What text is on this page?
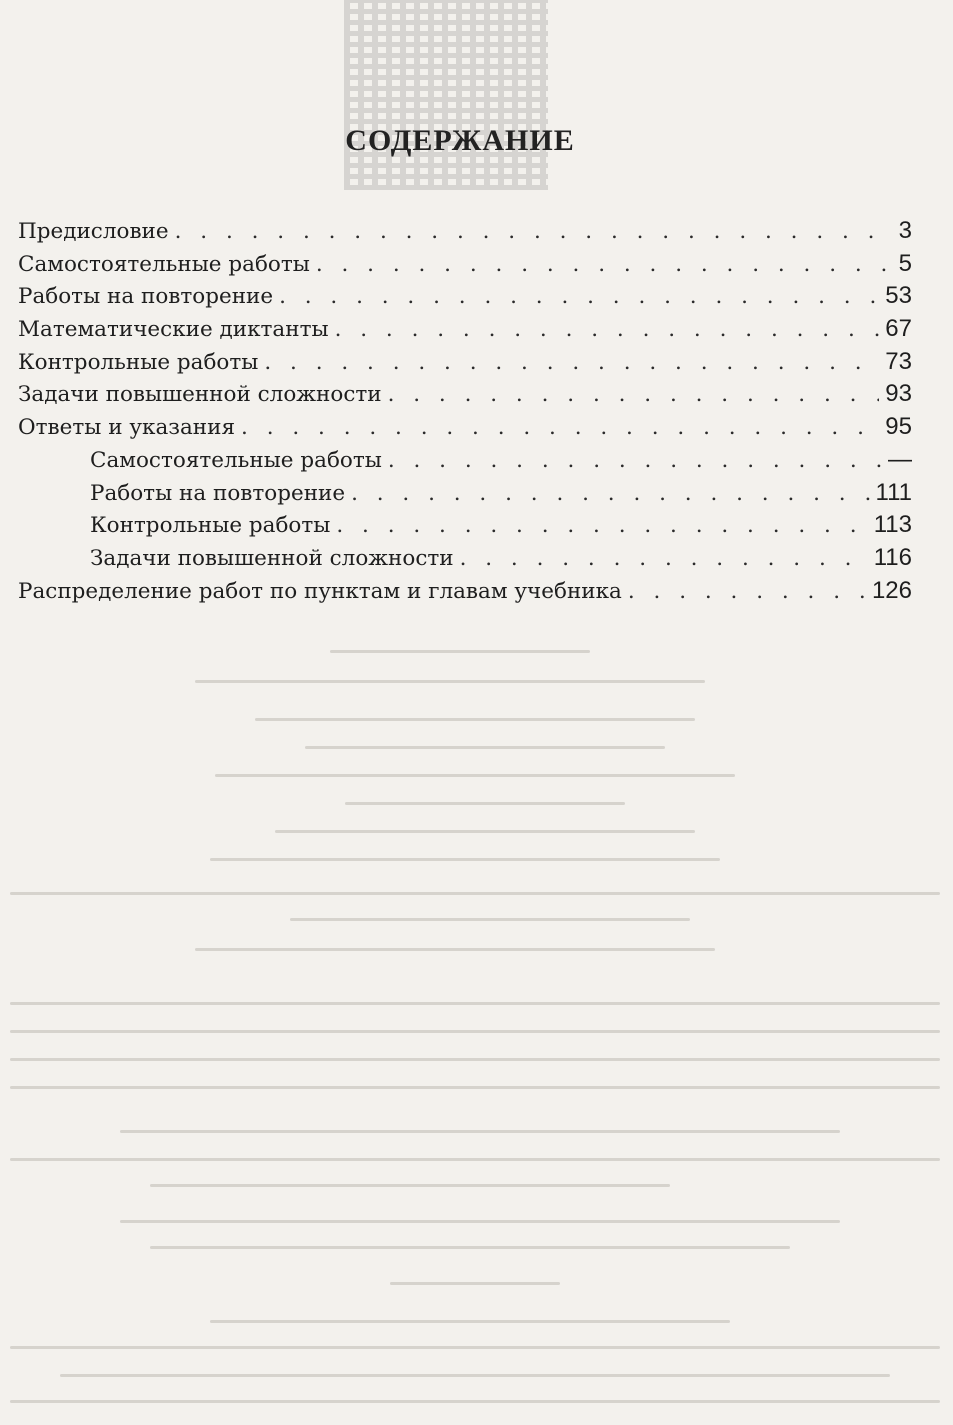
СОДЕРЖАНИЕ
Предисловие . . .	3
Самостоятельные работы . . .	5
Работы на повторение . . .	53
Математические диктанты . . .	67
Контрольные работы . . .	73
Задачи повышенной сложности . . .	93
Ответы и указания . . .	95
Самостоятельные работы . . .	—
Работы на повторение . . .	111
Контрольные работы . . .	113
Задачи повышенной сложности . . .	116
Распределение работ по пунктам и главам учебника . . .	126
